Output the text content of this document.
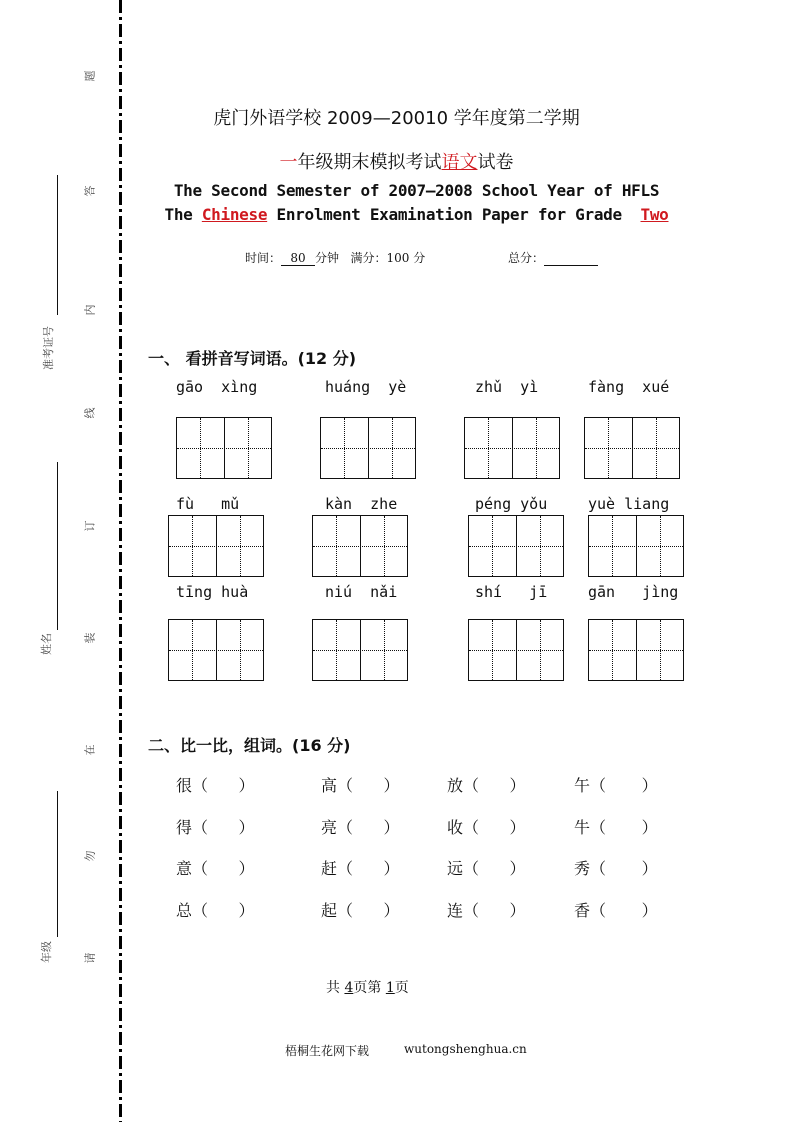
题
答
内
线
订
装
在
勿
请
准考证号
姓名
年级
虎门外语学校 2009—20010 学年度第二学期
一年级期末模拟考试语文试卷
The Second Semester of 2007—2008 School Year of HFLS
The Chinese Enrolment Examination Paper for Grade  Two
时间： 80 分钟 满分：100 分	总分：
一、 看拼音写词语。(12 分)
gāo  xìng	huáng  yè	zhǔ  yì	fàng  xué
fù   mǔ	kàn  zhe	péng yǒu	yuè liang
tīng huà	niú  nǎi	shí   jī	gān   jìng
二、比一比，组词。(16 分)
很（      ）	高（      ）	放（      ）	午（       ）
得（      ）	亮（      ）	收（      ）	牛（       ）
意（      ）	赶（      ）	远（      ）	秀（       ）
总（      ）	起（      ）	连（      ）	香（       ）
共 4页第 1页
梧桐生花网下载	wutongshenghua.cn
